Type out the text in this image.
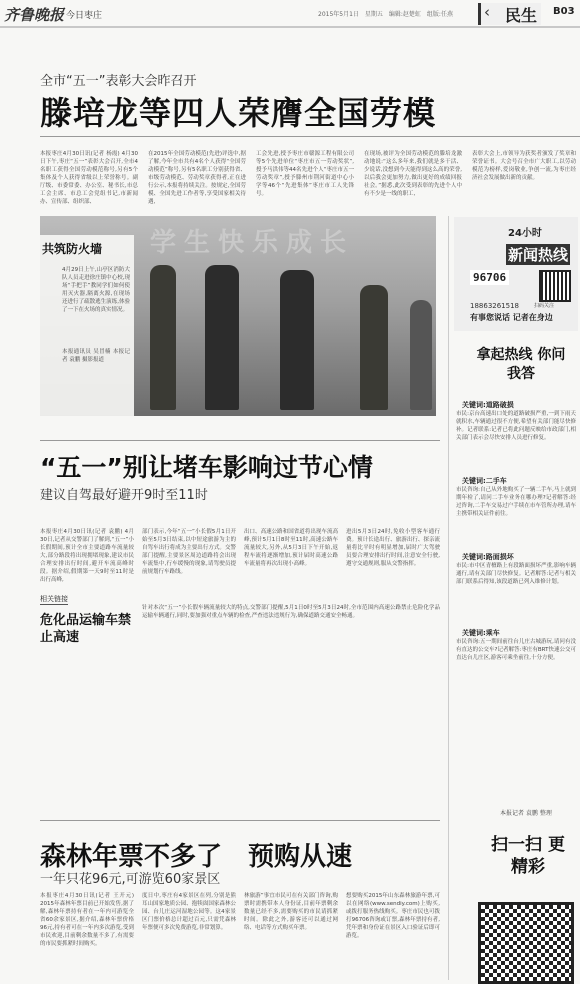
齐鲁晚报 今日枣庄	2015年5月1日　星期五　编辑:赵楚虹　组版:任燕 ‹ 民生 B03
全市“五一”表彰大会昨召开
滕培龙等四人荣膺全国劳模
本报枣庄4月30日讯(记者 杨霞) 4月30日下午,枣庄“五一”表彰大会召开,全市4名职工获得全国劳动模范称号,另有5个集体及个人获得省级以上荣誉称号。副厅级、市委常委、办公室、秘书长,市总工会主席、市总工会党组书记,市新闻办、宣传部、组织部、
在2015年全国劳动模范(先进)评选中,据了解,今年全市共有4名个人获得“全国劳动模范”称号,另有5名职工分别获得省、市级劳动模范、劳动奖章获得者,正在进行公示,本报将持续关注。按规定,全国劳模、全国先进工作者等,享受国家相关待遇,
工会先进,授予枣庄市赣源工程有限公司等5个先进单位“枣庄市五一劳动奖状”,授予马洪伟等44名先进个人“枣庄市五一劳动奖章”,授予滕州市荆河街道中心小学等46个“先进集体”枣庄市工人先锋号。
在现场,被评为全国劳动模范的滕培龙激动地说:“这么多年来,我们就是多干活、少说话,没想到今天能得到这么高的荣誉,以后我会更加努力,做出更好的成绩回报社会。”据悉,此次受到表彰的先进个人中有不少是一线的职工,
表彰大会上,市领导为获奖者颁发了奖章和荣誉证书。大会号召全市广大职工,以劳动模范为榜样,爱岗敬业,争创一流,为枣庄经济社会发展做出新的贡献。
学生快乐成长
共筑防火墙
4月29日上午,山亭区消防大队人员走进徐庄镇中心校,现场“手把手”教同学们如何使用灭火器,隔离火源,在现场还进行了疏散逃生演练,体验了一下在火场的真实情况。
本报通讯员 吴冒楠 本报记者 袁鹏 摄影报道
24小时
新闻热线
96706
18863261518
有事您说话 记者在身边
扫码关注
拿起热线 你问我答
关键词:道路破损
市民:京台高速出口处的道路破损严重,一到下雨天就积水,车辆通过很不方便,希望有关部门能尽快修补。记者联系:记者已将此问题反映给市政部门,相关部门表示会尽快安排人员进行修复。
关键词:二手车
市民咨询:自己从外地购买了一辆二手车,马上就到期年检了,请问二手车业务在哪办理?记者解答:经过咨询,二手车交易过户手续在市车管所办理,请车主携带相关证件前往。
关键词:路面损坏
市民:市中区青檀路上有段路面损坏严重,影响车辆通行,请有关部门尽快修复。记者解答:记者与相关部门联系后得知,该段道路已列入维修计划。
关键词:乘车
市民咨询:五一期间前往台儿庄古城游玩,请问有没有直达的公交车?记者解答:枣庄有BRT快速公交可直达台儿庄区,游客可乘坐前往,十分方便。
本报记者 袁鹏 整理
扫一扫 更精彩
“五一”别让堵车影响过节心情
建议自驾最好避开9时至11时
本报枣庄4月30日讯(记者 袁鹏) 4月30日,记者从交警部门了解到,“五一”小长假期间,预计全市主要道路车流量较大,部分路段将出现拥堵现象,建议市民合理安排出行时间,避开车流高峰时段。据介绍,假期第一天9时至11时是出行高峰,
部门表示,今年“五一”小长假5月1日开始至5月3日结束,以中短途旅游为主的自驾车出行将成为主要出行方式。交警部门提醒,主要景区周边道路将会出现车流集中,行车缓慢的现象,请驾驶员提前规划行车路线。
出口、高速公路和国省道将出现车流高峰,预计5月1日8时至11时,高速公路车流量较大,另外,从5月3日下午开始,返程车流将逐渐增加,预计届时高速公路车流量将再次出现小高峰。
进出5月3日24时,免收小型客车通行费。预计长途出行、旅游出行、探亲流量将比平时有明显增加,届时广大驾驶员要合理安排出行时间,注意安全行驶,遵守交通规则,服从交警指挥。
相关链接
危化品运输车禁止高速
针对本次“五一”小长假车辆流量较大的特点,交警部门提醒,5月1日0时至5月3日24时,全市范围内高速公路禁止危险化学品运输车辆通行,同时,要加强对重点车辆的检查,严查违法违规行为,确保道路交通安全畅通。
森林年票不多了　预购从速
一年只花96元,可游览60家景区
本报枣庄4月30日讯(记者 王开元) 2015年森林年票目前已开始发售,据了解,森林年票持有者在一年内可游览全省60余家景区,据介绍,森林年票价格96元,持有者可在一年内多次游览,受到市民欢迎,目前剩余数量不多了,有需要的市民要抓紧时间购买。
度日中,枣庄有4家景区在列,分别是熊耳山国家地质公园、抱犊崮国家森林公园、台儿庄运河湿地公园等。这4家景区门票价格总计超过百元,只需凭森林年票便可多次免费游览,非常划算。
林旅游”事宜市民可在有关部门咨询,购票时需携带本人身份证,目前年票剩余数量已经不多,需要购买的市民请抓紧时间。除此之外,游客还可以通过网络、电话等方式购买年票。
想要购买2015年山东森林旅游年票,可以在网络(www.sendiy.com)上购买,或拨打服务热线购买。枣庄市民也可拨打96706咨询或订票,森林年票持有者,凭年票和身份证在景区入口验证后即可游览。
